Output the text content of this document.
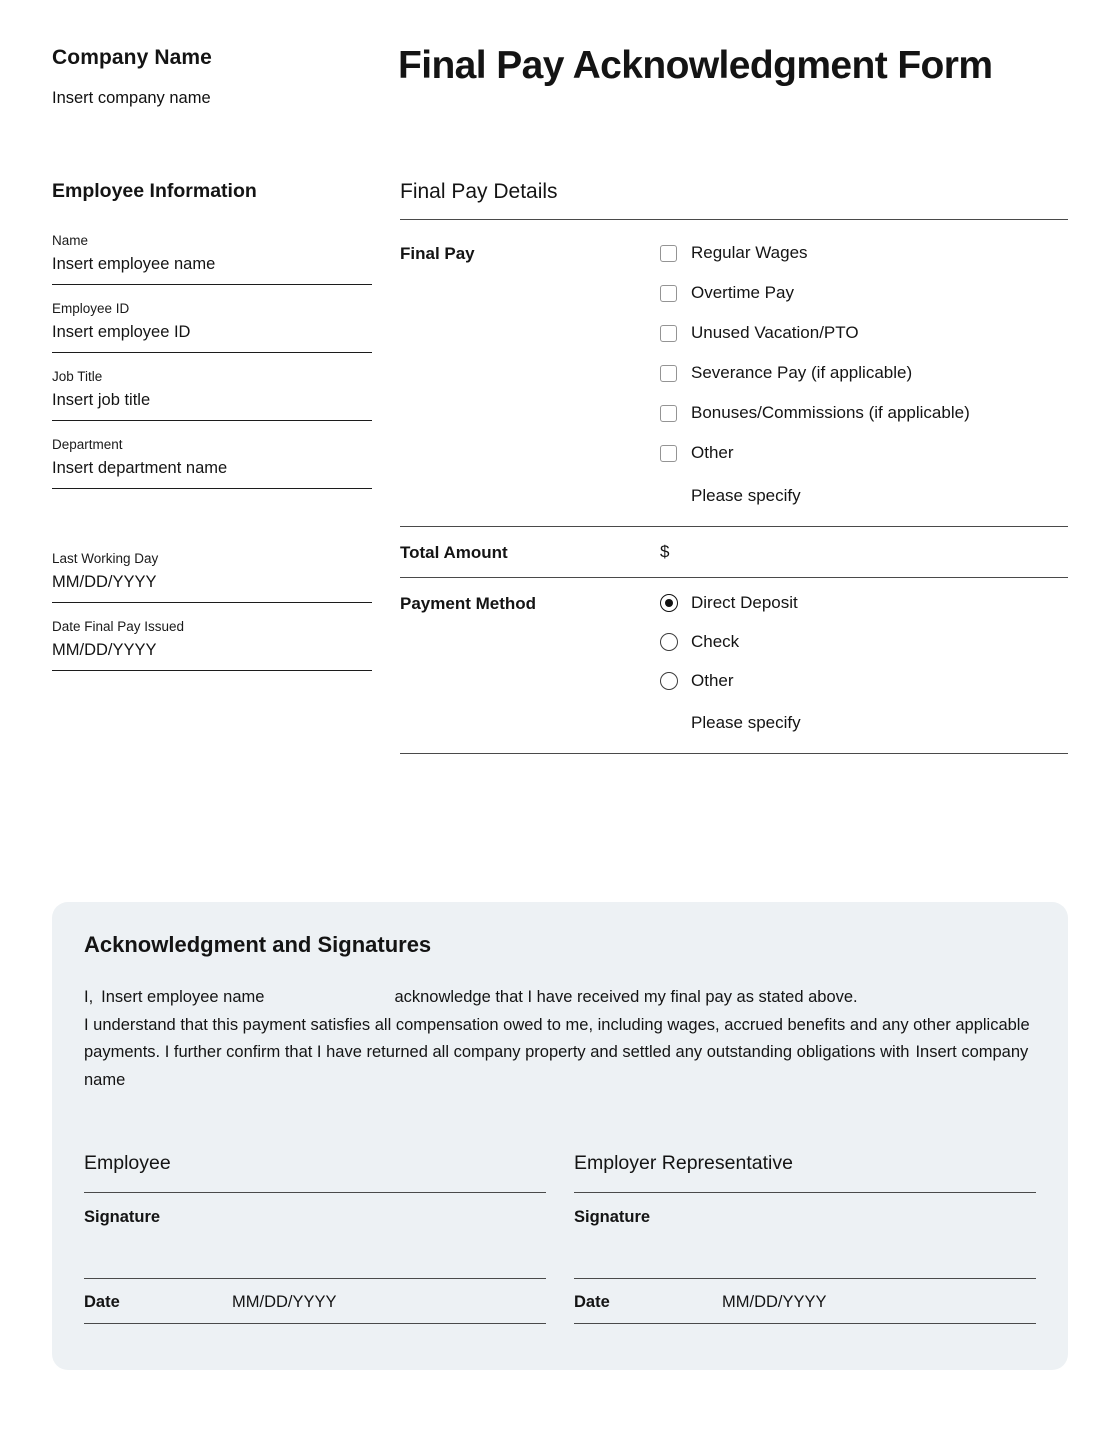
Company Name
Insert company name
Final Pay Acknowledgment Form
Employee Information
Name
Insert employee name
Employee ID
Insert employee ID
Job Title
Insert job title
Department
Insert department name
Last Working Day
MM/DD/YYYY
Date Final Pay Issued
MM/DD/YYYY
Final Pay Details
Final Pay	Regular Wages
Overtime Pay
Unused Vacation/PTO
Severance Pay (if applicable)
Bonuses/Commissions (if applicable)
Other
Please specify
Total Amount	$
Payment Method	Direct Deposit
Check
Other
Please specify
Acknowledgment and Signatures

I, Insert employee name	acknowledge that I have received my final pay as stated above.

I understand that this payment satisfies all compensation owed to me, including wages, accrued benefits and any other applicable payments. I further confirm that I have returned all company property and settled any outstanding obligations with Insert company name

Employee
Signature
Date	MM/DD/YYYY
Employer Representative
Signature
Date	MM/DD/YYYY
